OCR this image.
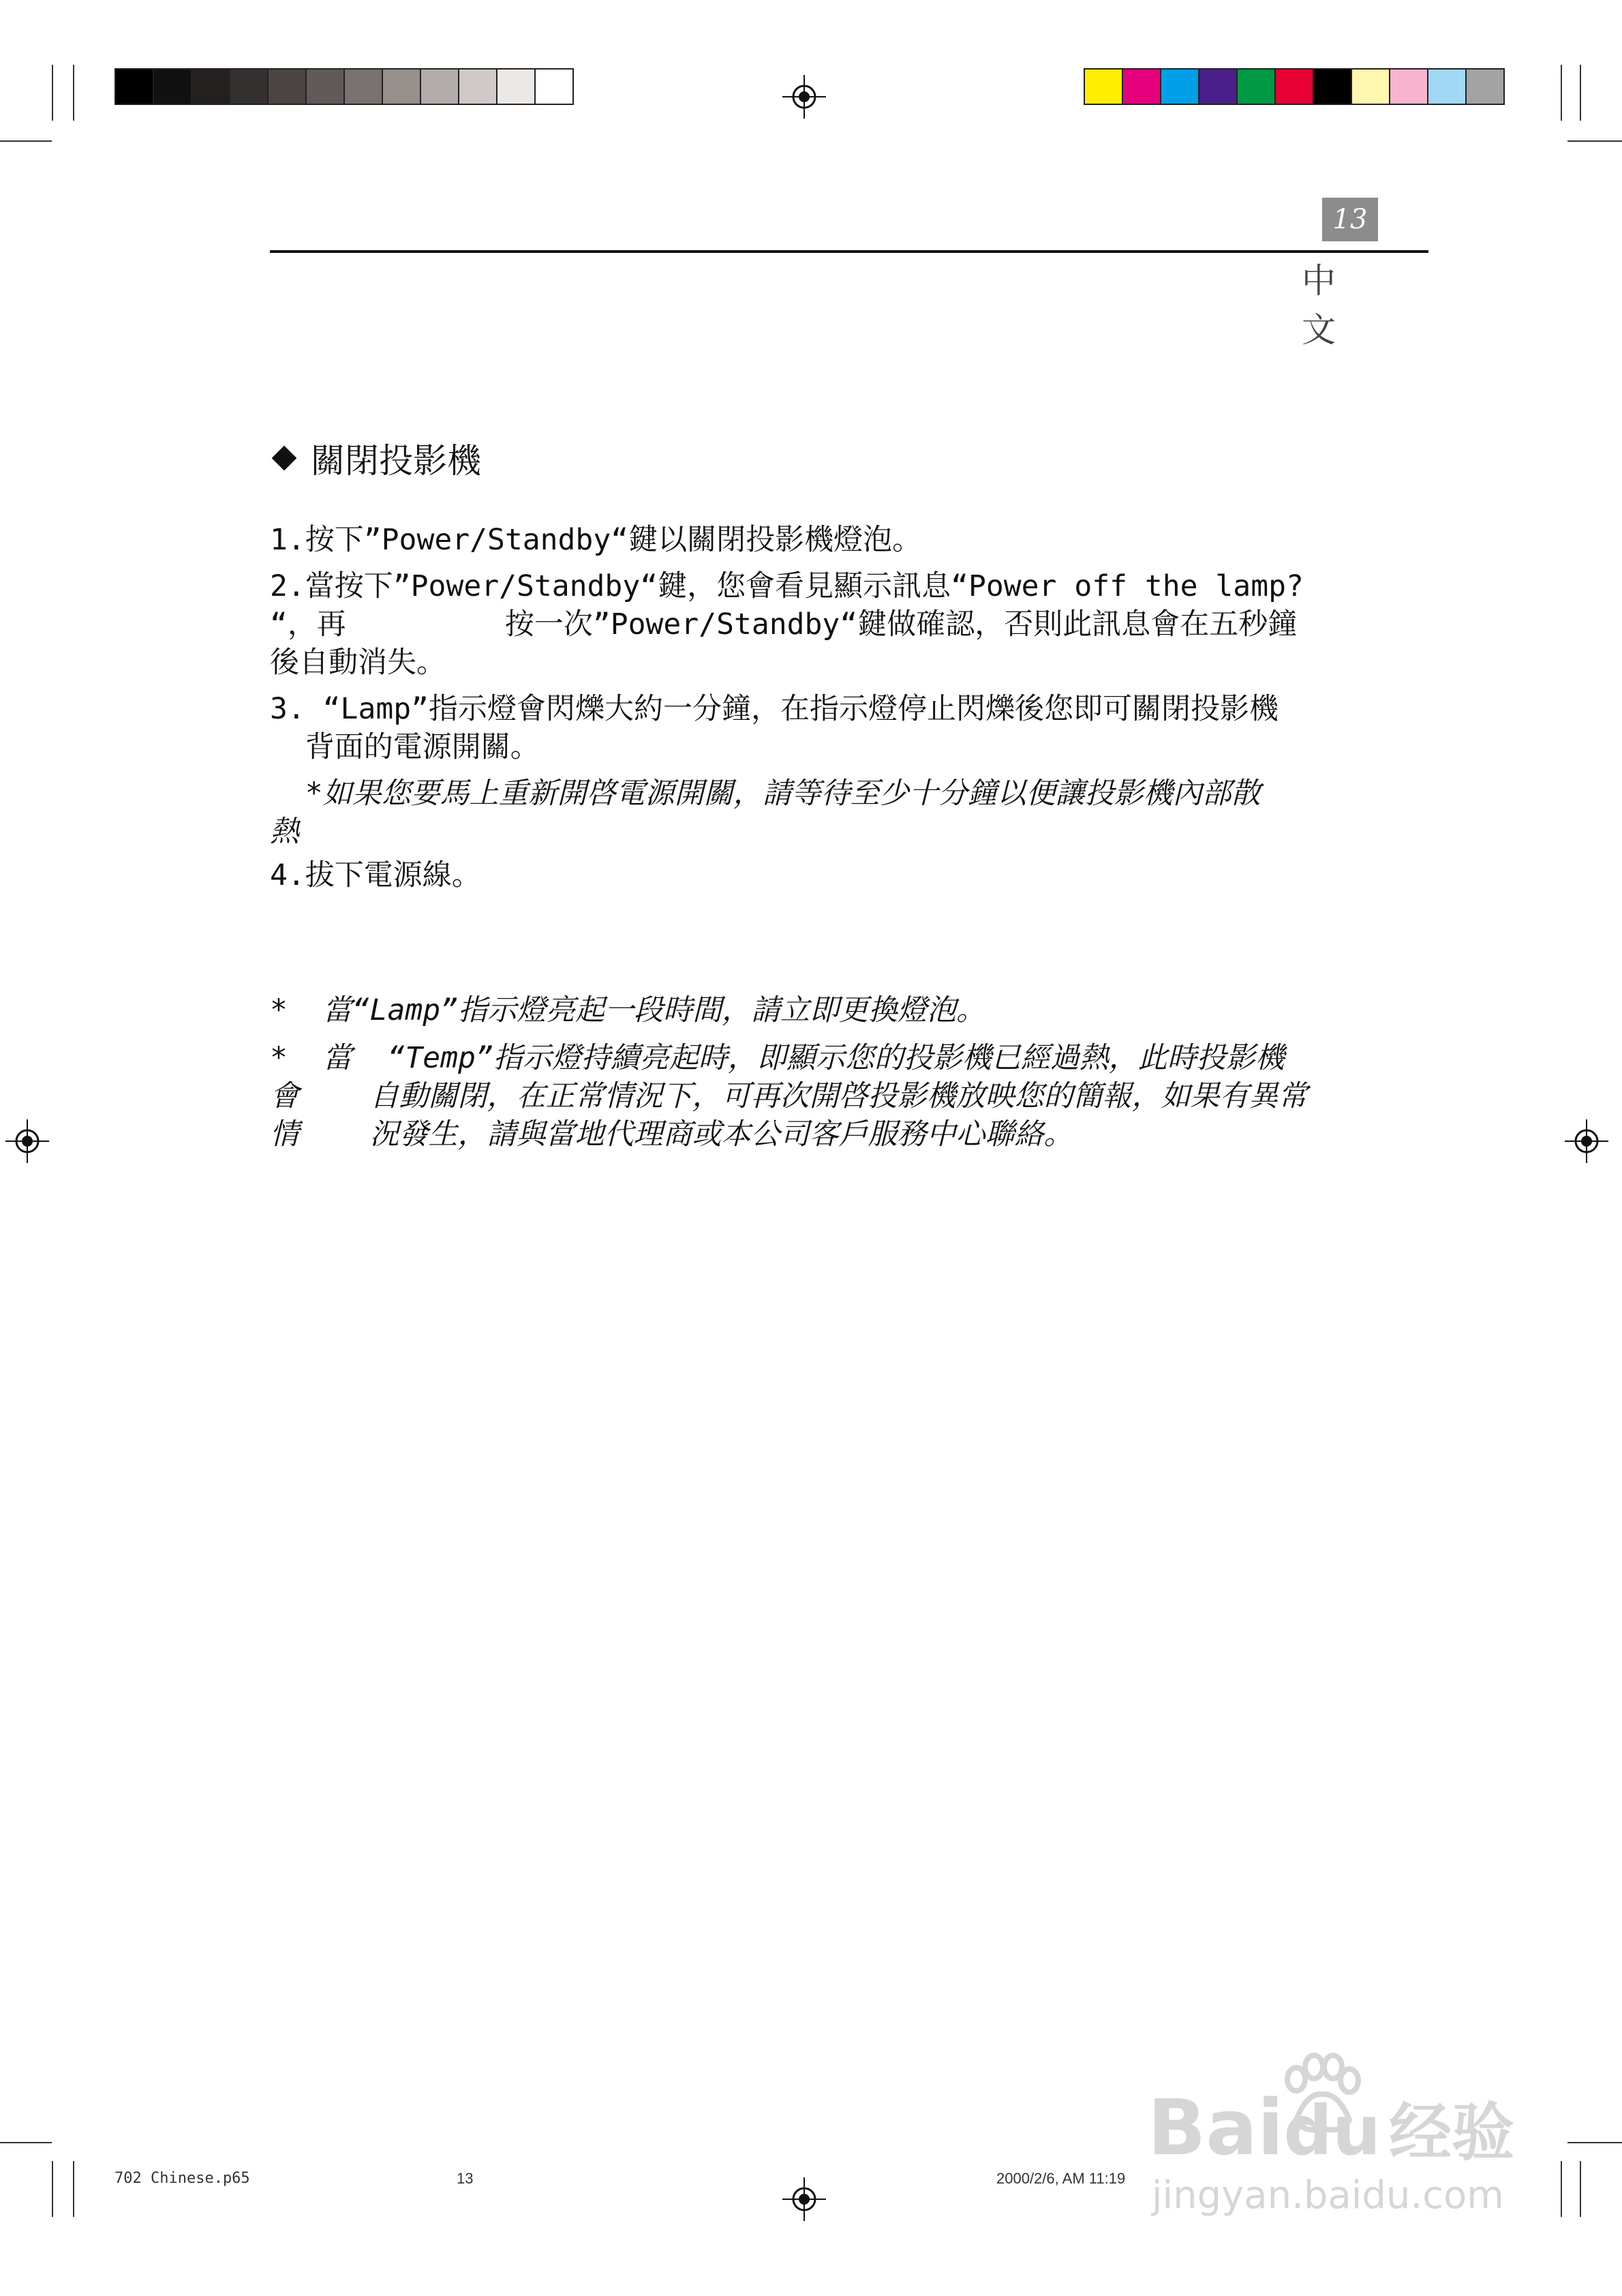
13
中 文
關閉投影機
1.按下”Power/Standby“鍵以關閉投影機燈泡。
2.當按下”Power/Standby“鍵，您會看見顯示訊息“Power off the lamp?
“，再         按一次”Power/Standby“鍵做確認，否則此訊息會在五秒鐘
後自動消失。
3. “Lamp”指示燈會閃爍大約一分鐘，在指示燈停止閃爍後您即可關閉投影機
背面的電源開關。
*如果您要馬上重新開啓電源開關，請等待至少十分鐘以便讓投影機內部散
熱
4.拔下電源線。
*  當“Lamp”指示燈亮起一段時間，請立即更換燈泡。
*  當  “Temp”指示燈持續亮起時，即顯示您的投影機已經過熱，此時投影機
會    自動關閉，在正常情況下，可再次開啓投影機放映您的簡報，如果有異常
情    況發生，請與當地代理商或本公司客戶服務中心聯絡。
702 Chinese.p65	13	2000/2/6, AM 11:19
Baidu 经验
jingyan.baidu.com
